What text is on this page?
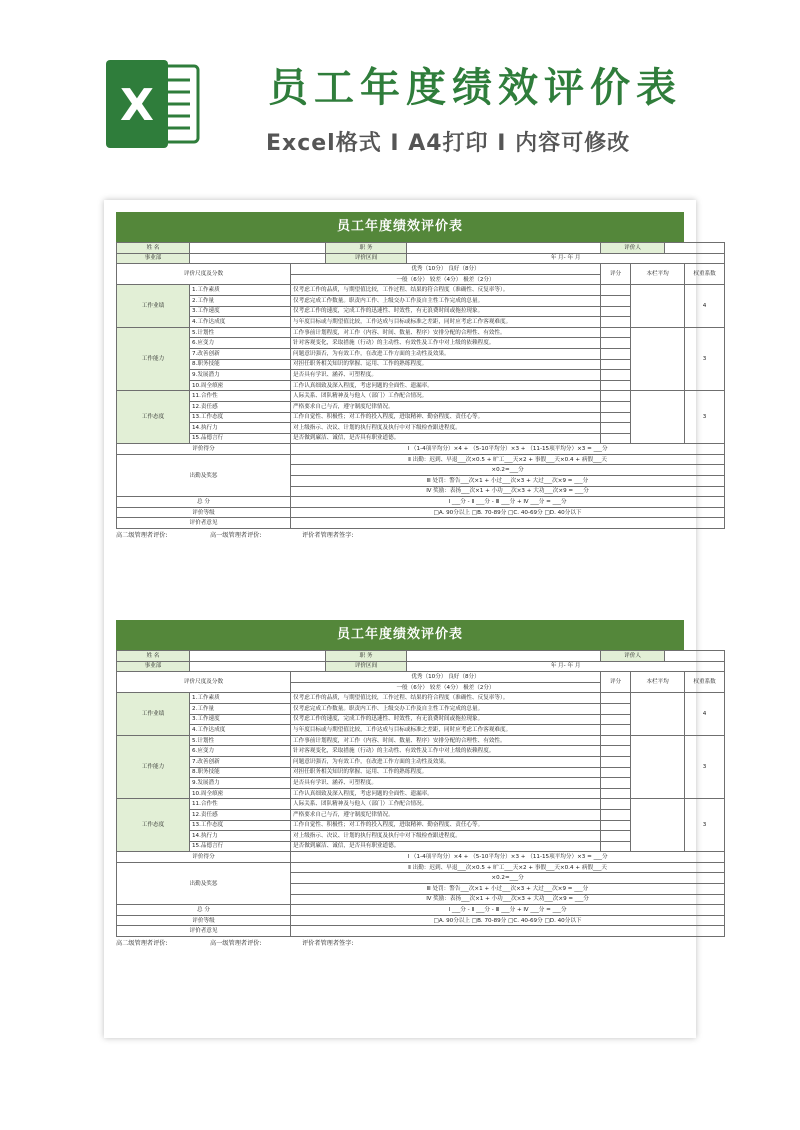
X	员工年度绩效评价表
Excel格式 I A4打印 I 内容可修改
员工年度绩效评价表
姓 名			职 务		评价人			
事业部			评价区间	年 月- 年 月				
评价尺度及分数		优秀（10分） 良好（8分）			评分	本栏平均		权重系数
		一般（6分） 较差（4分） 极差（2分）						
工作业绩	1.工作素质	仅考虑工作的品质，与期望值比较，工作过程、结果的符合程度（准确性、反复率等）。						4
	2.工作量	仅考虑完成工作数量。职责内工作、上级交办工作及自主性工作完成的总量。						
	3.工作速度	仅考虑工作的速度，完成工作的迅速性、时效性，有无浪费时间或拖拉现象。						
	4.工作达成度	与年度目标或与期望值比较，工作达成与目标或标准之差距，同时应考虑工作客观难度。						
工作能力	5.计划性	工作事前计划程度，对工作（内容、时间、数量、程序）安排分配的合理性、有效性。						3
	6.应变力	针对客观变化，采取措施（行动）的主动性、有效性及工作中对上级的依赖程度。						
	7.改善创新	问题意识强否，为有效工作，在改进工作方面的主动性及效果。						
	8.职务技能	对担任职务相关知识的掌握、运用、工作的熟练程度。						
	9.发展潜力	是否具有学识、涵养、可塑程度。						
	10.周全缜密	工作认真细致及深入程度，考虑问题的全面性、遗漏率。						
工作态度	11.合作性	人际关系、团队精神及与他人（部门）工作配合情况。						3
	12.责任感	严格要求自己与否，遵守制度纪律情况。						
	13.工作态度	工作自觉性、积极性；对工作的投入程度，进取精神、勤奋程度、责任心等。						
	14.执行力	对上级指示、决议、计划的执行程度及执行中对下级检查跟进程度。						
	15.品德言行	是否做到廉洁、诚信，是否具有职业道德。						
评价得分		Ⅰ （1-4项平均分）×4 + （5-10平均分）×3 + （11-15项平均分）×3 = ___分						
出勤及奖惩		Ⅱ 出勤：迟到、早退___次×0.5 + 旷工___天×2 + 事假___天×0.4 + 病假___天						
		×0.2=___分						
		Ⅲ 处罚：警告___次×1 + 小过___次×3 + 大过___次×9 = ___分						
		Ⅳ 奖励：表扬___次×1 + 小功___次×3 + 大功___次×9 = ___分						
总 分		Ⅰ ___分 - Ⅱ ___分 - Ⅲ ___分 + Ⅳ ___分 = ___分						
评价等级		□A. 90分以上 □B. 70-89分 □C. 40-69分 □D. 40分以下						
评价者意见								
高二级管理者评价:	高一级管理者评价:	评价者管理者签字:
员工年度绩效评价表
姓 名			职 务		评价人			
事业部			评价区间	年 月- 年 月				
评价尺度及分数		优秀（10分） 良好（8分）			评分	本栏平均		权重系数
		一般（6分） 较差（4分） 极差（2分）						
工作业绩	1.工作素质	仅考虑工作的品质，与期望值比较，工作过程、结果的符合程度（准确性、反复率等）。						4
	2.工作量	仅考虑完成工作数量。职责内工作、上级交办工作及自主性工作完成的总量。						
	3.工作速度	仅考虑工作的速度，完成工作的迅速性、时效性，有无浪费时间或拖拉现象。						
	4.工作达成度	与年度目标或与期望值比较，工作达成与目标或标准之差距，同时应考虑工作客观难度。						
工作能力	5.计划性	工作事前计划程度，对工作（内容、时间、数量、程序）安排分配的合理性、有效性。						3
	6.应变力	针对客观变化，采取措施（行动）的主动性、有效性及工作中对上级的依赖程度。						
	7.改善创新	问题意识强否，为有效工作，在改进工作方面的主动性及效果。						
	8.职务技能	对担任职务相关知识的掌握、运用、工作的熟练程度。						
	9.发展潜力	是否具有学识、涵养、可塑程度。						
	10.周全缜密	工作认真细致及深入程度，考虑问题的全面性、遗漏率。						
工作态度	11.合作性	人际关系、团队精神及与他人（部门）工作配合情况。						3
	12.责任感	严格要求自己与否，遵守制度纪律情况。						
	13.工作态度	工作自觉性、积极性；对工作的投入程度，进取精神、勤奋程度、责任心等。						
	14.执行力	对上级指示、决议、计划的执行程度及执行中对下级检查跟进程度。						
	15.品德言行	是否做到廉洁、诚信，是否具有职业道德。						
评价得分		Ⅰ （1-4项平均分）×4 + （5-10平均分）×3 + （11-15项平均分）×3 = ___分						
出勤及奖惩		Ⅱ 出勤：迟到、早退___次×0.5 + 旷工___天×2 + 事假___天×0.4 + 病假___天						
		×0.2=___分						
		Ⅲ 处罚：警告___次×1 + 小过___次×3 + 大过___次×9 = ___分						
		Ⅳ 奖励：表扬___次×1 + 小功___次×3 + 大功___次×9 = ___分						
总 分		Ⅰ ___分 - Ⅱ ___分 - Ⅲ ___分 + Ⅳ ___分 = ___分						
评价等级		□A. 90分以上 □B. 70-89分 □C. 40-69分 □D. 40分以下						
评价者意见								
高二级管理者评价:	高一级管理者评价:	评价者管理者签字:
